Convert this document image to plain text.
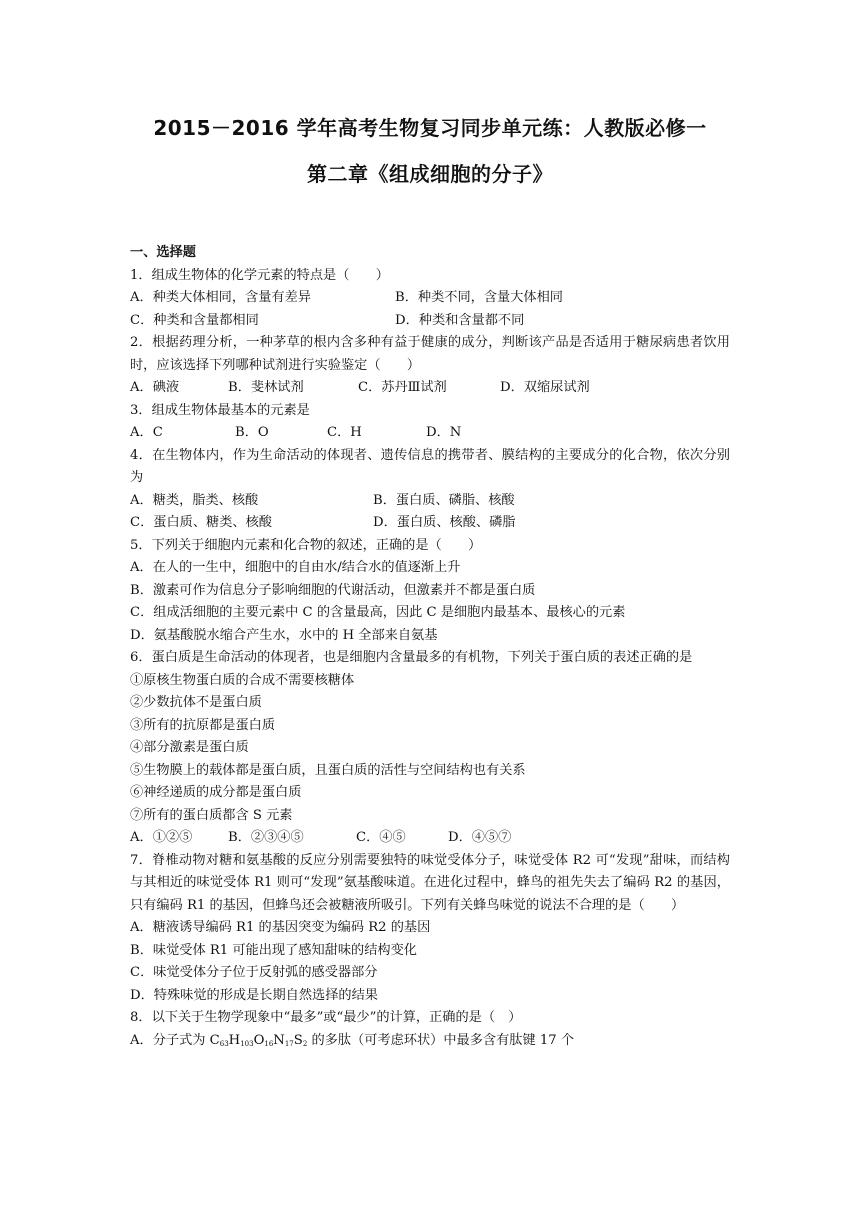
2015－2016 学年高考生物复习同步单元练：人教版必修一
第二章《组成细胞的分子》
一、选择题
1．组成生物体的化学元素的特点是（　　）
A．种类大体相同，含量有差异	B．种类不同，含量大体相同
C．种类和含量都相同	D．种类和含量都不同
2．根据药理分析，一种茅草的根内含多种有益于健康的成分，判断该产品是否适用于糖尿病患者饮用时，应该选择下列哪种试剂进行实验鉴定（　　）
A．碘液	B．斐林试剂	C．苏丹Ⅲ试剂	D．双缩尿试剂
3．组成生物体最基本的元素是
A．C	B．O	C．H	D．N
4．在生物体内，作为生命活动的体现者、遗传信息的携带者、膜结构的主要成分的化合物，依次分别为
A．糖类，脂类、核酸	B．蛋白质、磷脂、核酸
C．蛋白质、糖类、核酸	D．蛋白质、核酸、磷脂
5．下列关于细胞内元素和化合物的叙述，正确的是（　　）
A．在人的一生中，细胞中的自由水/结合水的值逐渐上升
B．激素可作为信息分子影响细胞的代谢活动，但激素并不都是蛋白质
C．组成活细胞的主要元素中 C 的含量最高，因此 C 是细胞内最基本、最核心的元素
D．氨基酸脱水缩合产生水，水中的 H 全部来自氨基
6．蛋白质是生命活动的体现者，也是细胞内含量最多的有机物，下列关于蛋白质的表述正确的是
①原核生物蛋白质的合成不需要核糖体
②少数抗体不是蛋白质
③所有的抗原都是蛋白质
④部分激素是蛋白质
⑤生物膜上的载体都是蛋白质，且蛋白质的活性与空间结构也有关系
⑥神经递质的成分都是蛋白质
⑦所有的蛋白质都含 S 元素
A．①②⑤	B．②③④⑤	C．④⑤	D．④⑤⑦
7．脊椎动物对糖和氨基酸的反应分别需要独特的味觉受体分子，味觉受体 R2 可“发现”甜味，而结构与其相近的味觉受体 R1 则可“发现”氨基酸味道。在进化过程中，蜂鸟的祖先失去了编码 R2 的基因，只有编码 R1 的基因，但蜂鸟还会被糖液所吸引。下列有关蜂鸟味觉的说法不合理的是（　　）
A．糖液诱导编码 R1 的基因突变为编码 R2 的基因
B．味觉受体 R1 可能出现了感知甜味的结构变化
C．味觉受体分子位于反射弧的感受器部分
D．特殊味觉的形成是长期自然选择的结果
8．以下关于生物学现象中“最多”或“最少”的计算，正确的是（　）
A．分子式为 $C_{63}H_{103}O_{16}N_{17}S_2$ 的多肽（可考虑环状）中最多含有肽键 17 个
